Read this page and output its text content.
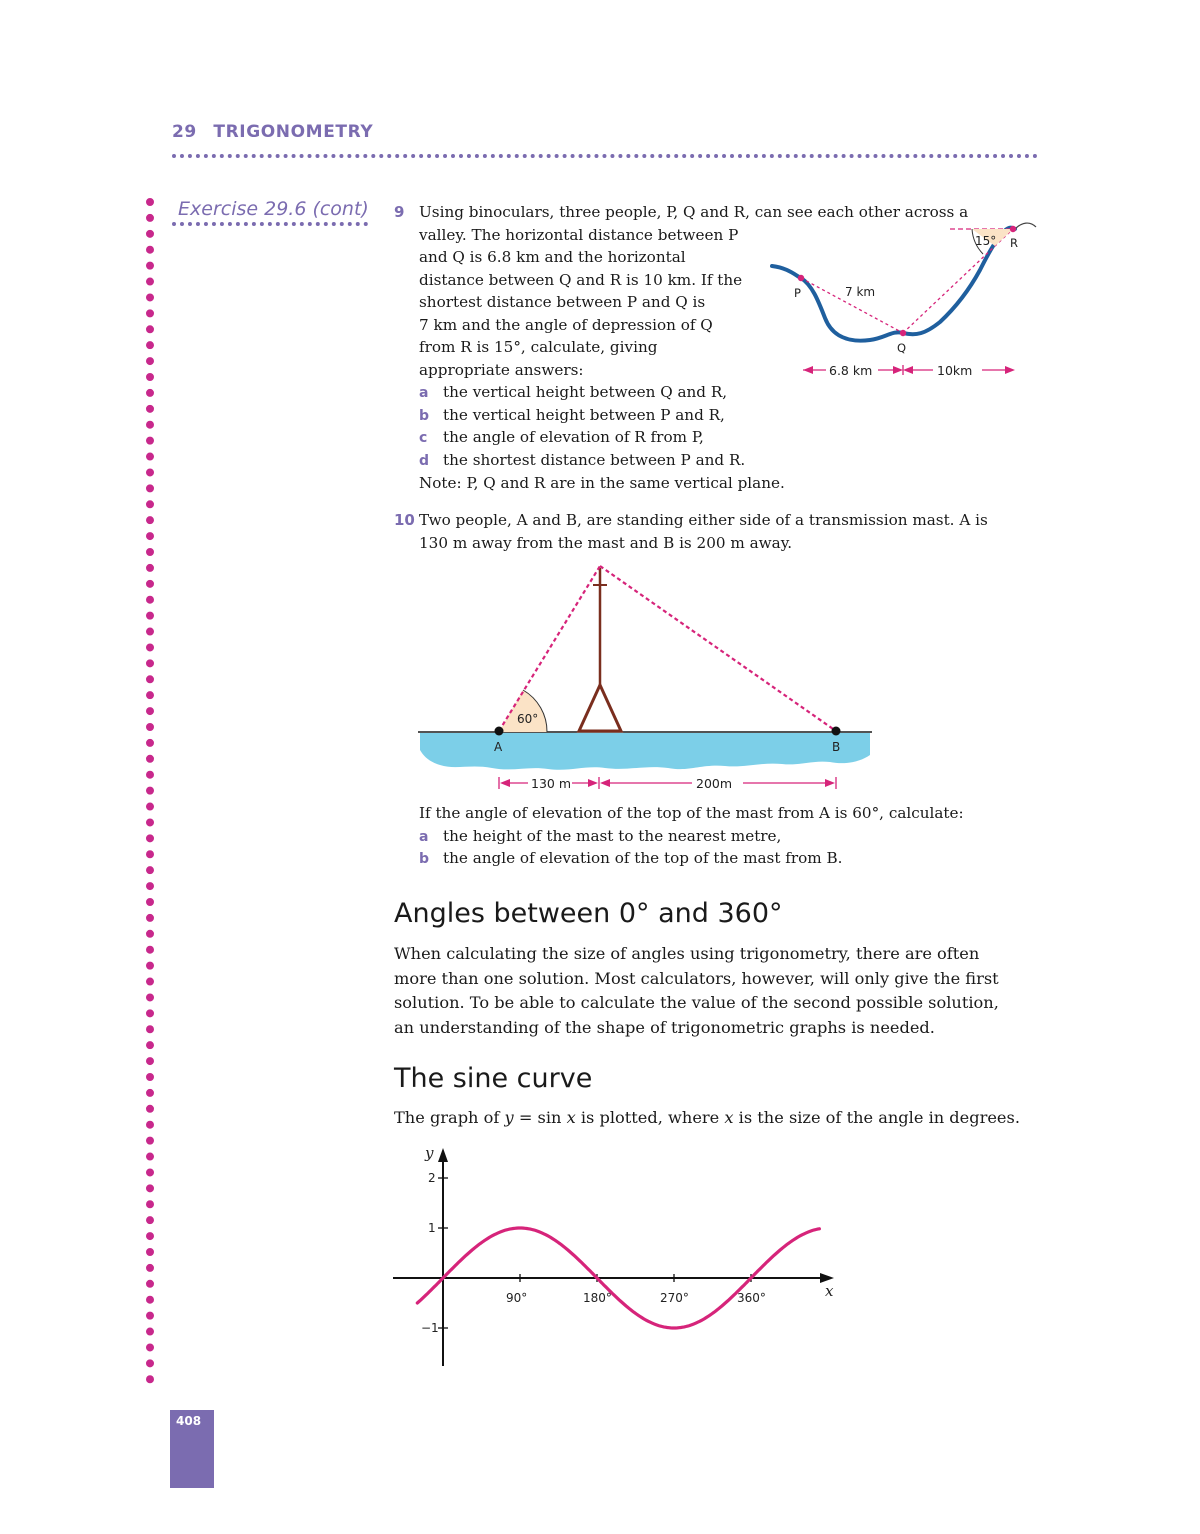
29 TRIGONOMETRY
Exercise 29.6 (cont) 9 Using binoculars, three people, P, Q and R, can see each other across a
valley. The horizontal distance between P
and Q is 6.8 km and the horizontal
distance between Q and R is 10 km. If the
shortest distance between P and Q is
7 km and the angle of depression of Q
from R is 15°, calculate, giving
appropriate answers:
a the vertical height between Q and R,
b the vertical height between P and R,
c the angle of elevation of R from P,
d the shortest distance between P and R.
Note: P, Q and R are in the same vertical plane.
P
Q
R
15°
7 km
6.8 km	10km
10 Two people, A and B, are standing either side of a transmission mast. A is
130 m away from the mast and B is 200 m away.
60°
A	B
130 m	200m
If the angle of elevation of the top of the mast from A is 60°, calculate:
a the height of the mast to the nearest metre,
b the angle of elevation of the top of the mast from B.
Angles between 0° and 360°
When calculating the size of angles using trigonometry, there are often
more than one solution. Most calculators, however, will only give the first
solution. To be able to calculate the value of the second possible solution,
an understanding of the shape of trigonometric graphs is needed.
The sine curve
The graph of y = sin x is plotted, where x is the size of the angle in degrees.
90°	180°	270°	360°
2
1
−1
x
y
408
